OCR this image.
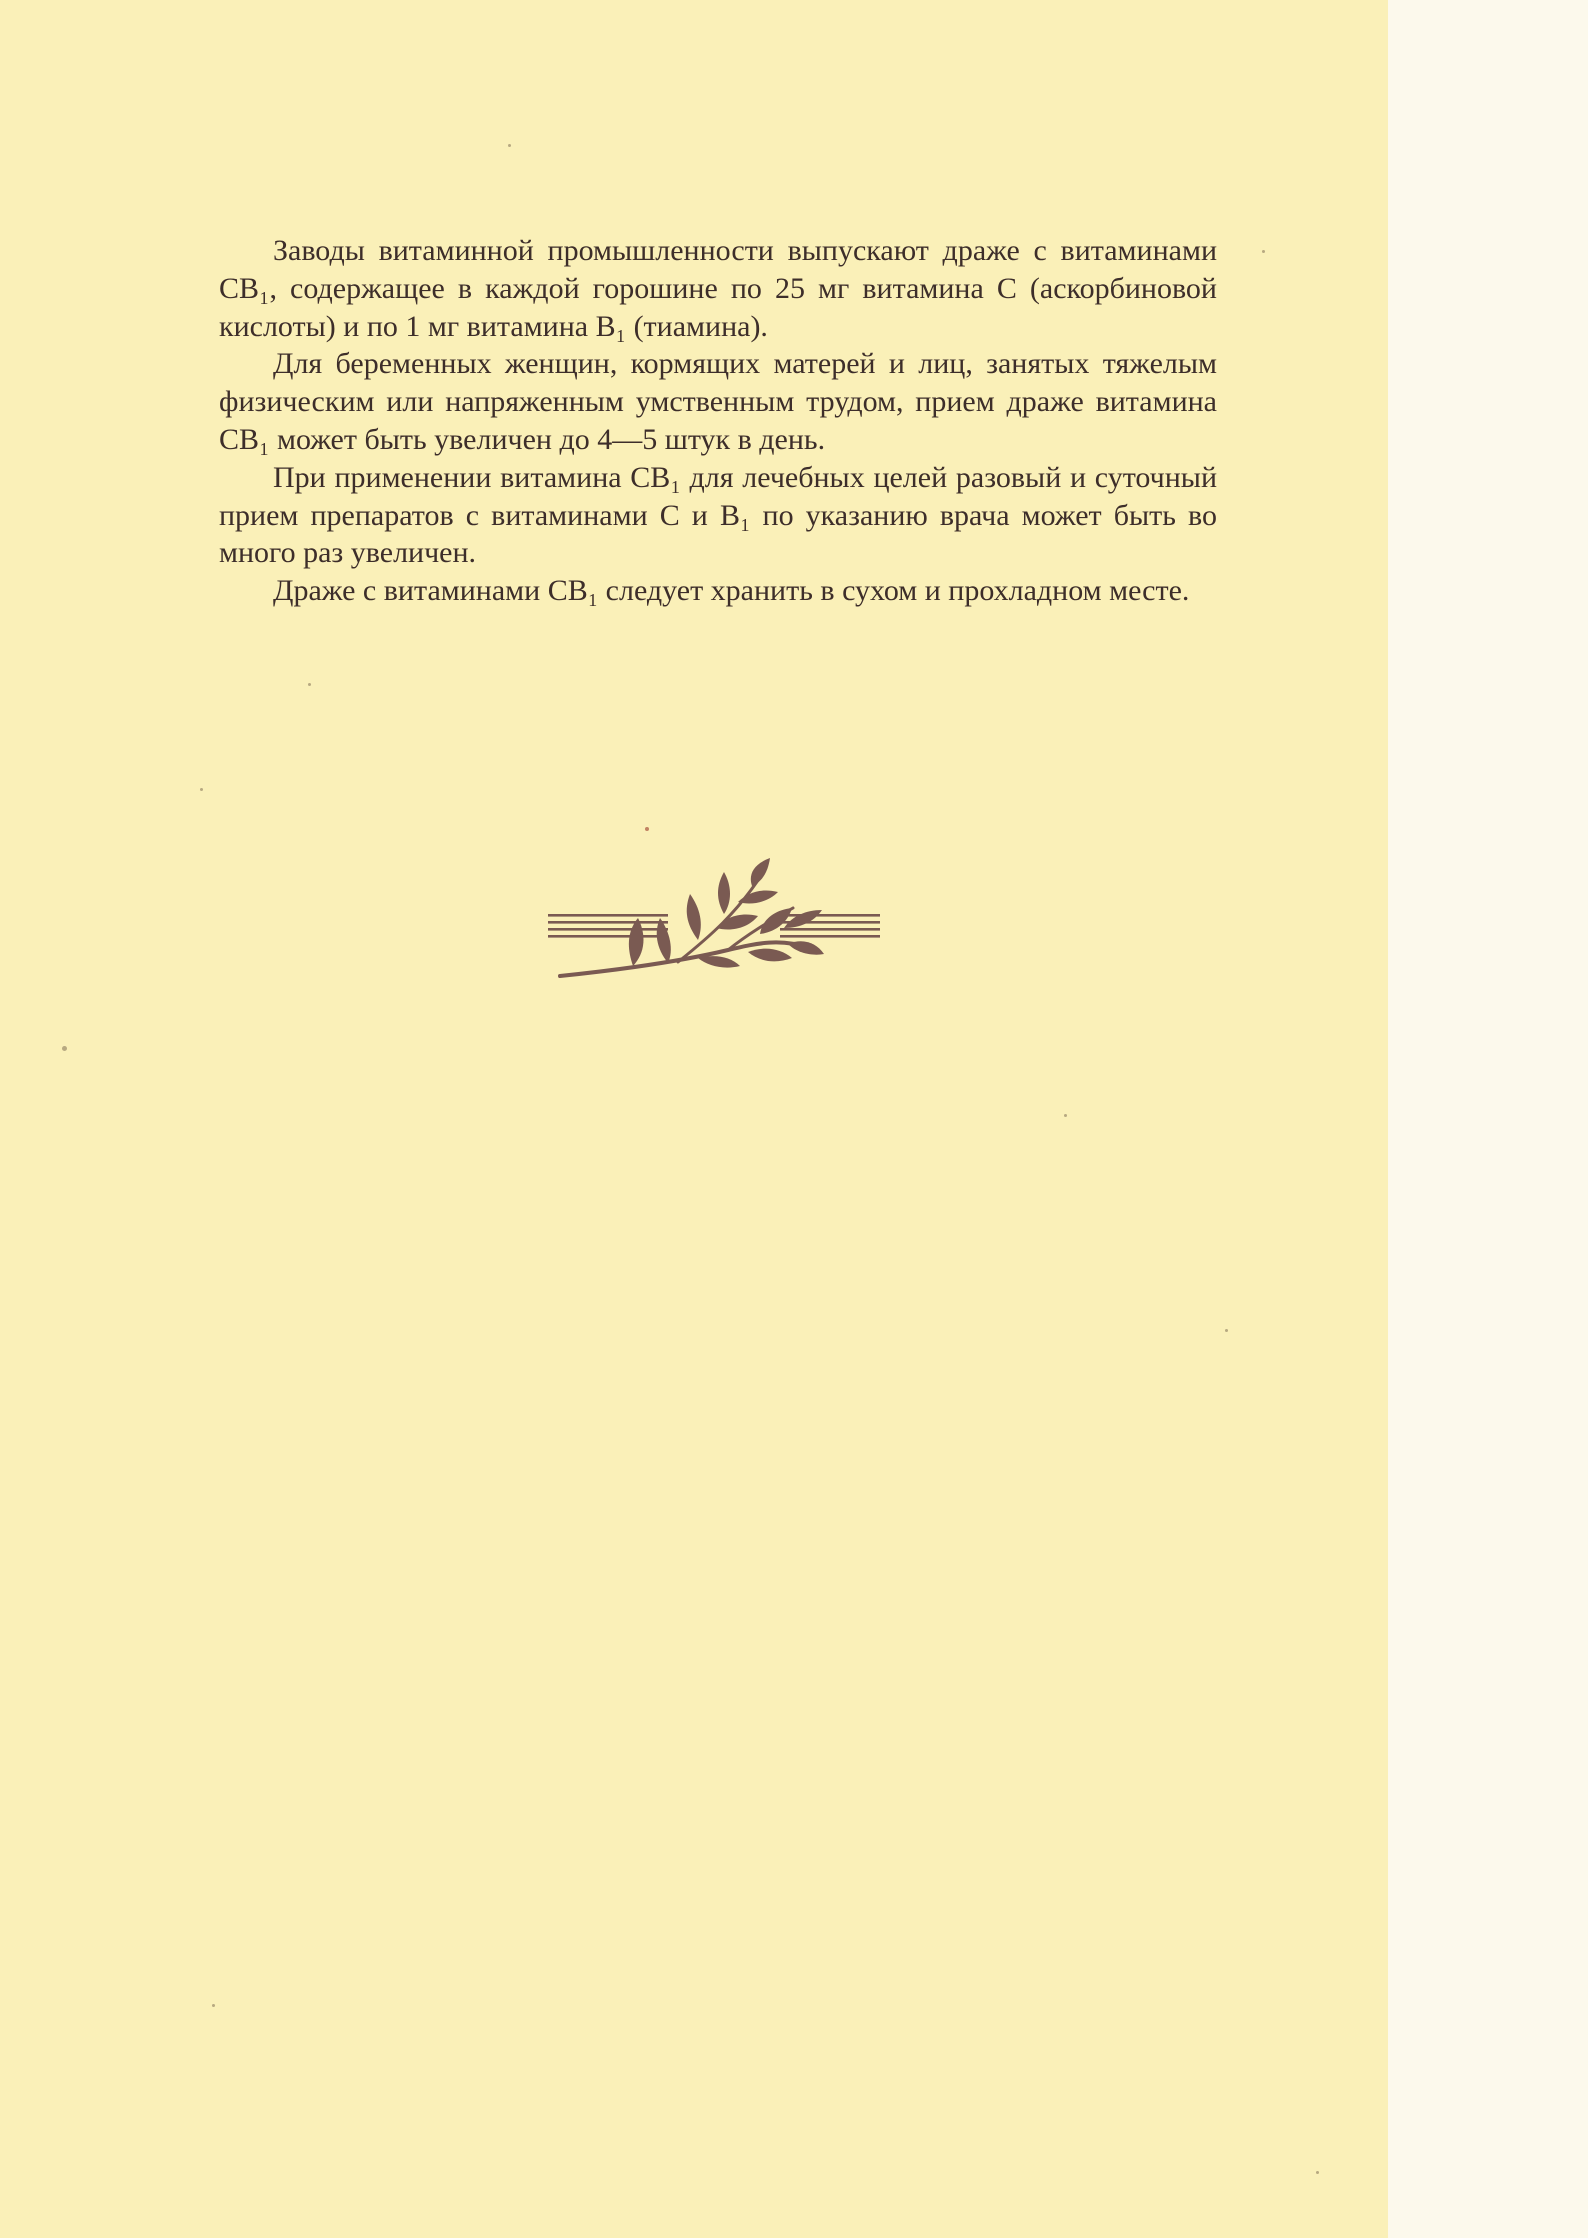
Заводы витаминной промышленности выпускают драже с витаминами CB₁, содержащее в каждой горошине по 25 мг витамина С (аскорбиновой кислоты) и по 1 мг витамина B₁ (тиамина).

Для беременных женщин, кормящих матерей и лиц, занятых тяжелым физическим или напряженным умственным трудом, прием драже витамина CB₁ может быть увеличен до 4—5 штук в день.

При применении витамина CB₁ для лечебных целей разовый и суточный прием препаратов с витаминами С и B₁ по указанию врача может быть во много раз увеличен.

Драже с витаминами CB₁ следует хранить в сухом и прохладном месте.
